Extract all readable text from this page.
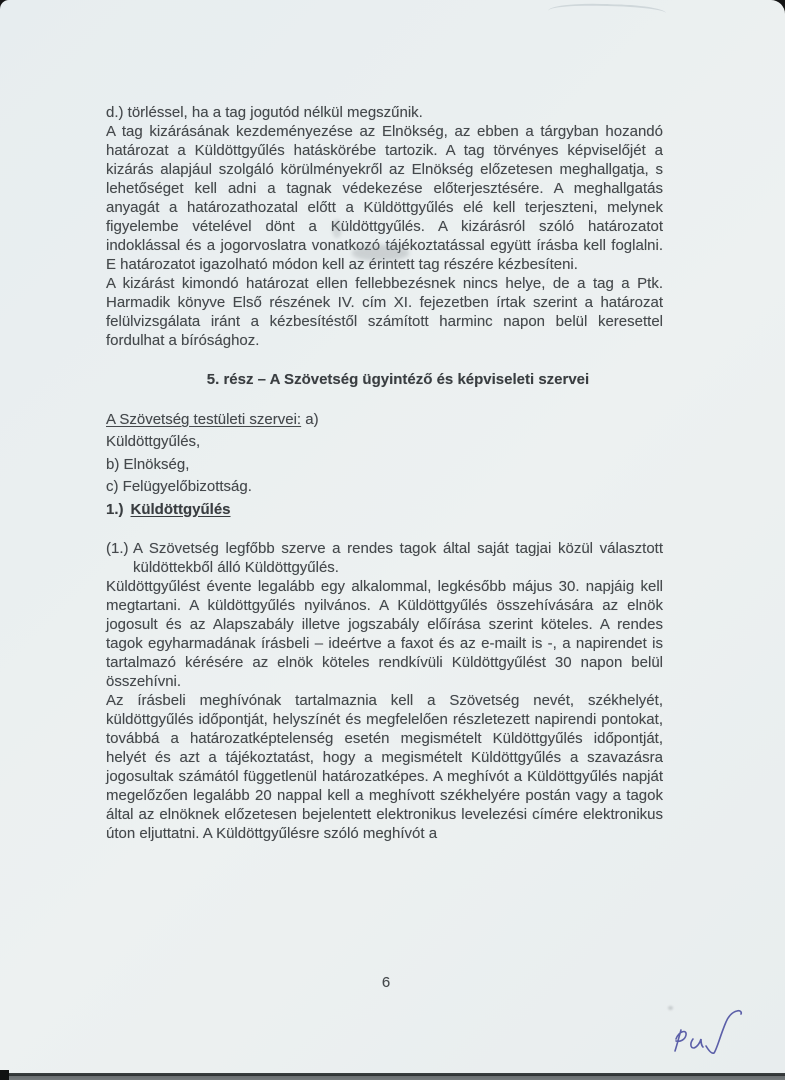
d.) törléssel, ha a tag jogutód nélkül megszűnik.

A tag kizárásának kezdeményezése az Elnökség, az ebben a tárgyban hozandó határozat a Küldöttgyűlés hatáskörébe tartozik. A tag törvényes képviselőjét a kizárás alapjául szolgáló körülményekről az Elnökség előzetesen meghallgatja, s lehetőséget kell adni a tagnak védekezése előterjesztésére. A meghallgatás anyagát a határozathozatal előtt a Küldöttgyűlés elé kell terjeszteni, melynek figyelembe vételével dönt a Küldöttgyűlés. A kizárásról szóló határozatot indoklással és a jogorvoslatra vonatkozó tájékoztatással együtt írásba kell foglalni. E határozatot igazolható módon kell az érintett tag részére kézbesíteni.

A kizárást kimondó határozat ellen fellebbezésnek nincs helye, de a tag a Ptk. Harmadik könyve Első részének IV. cím XI. fejezetben írtak szerint a határozat felülvizsgálata iránt a kézbesítéstől számított harminc napon belül keresettel fordulhat a bírósághoz.

5. rész – A Szövetség ügyintéző és képviseleti szervei

A Szövetség testületi szervei: a)

Küldöttgyűlés,

b) Elnökség,

c) Felügyelőbizottság.

1.) Küldöttgyűlés

(1.) A Szövetség legfőbb szerve a rendes tagok által saját tagjai közül választott küldöttekből álló Küldöttgyűlés.

Küldöttgyűlést évente legalább egy alkalommal, legkésőbb május 30. napjáig kell megtartani. A küldöttgyűlés nyilvános. A Küldöttgyűlés összehívására az elnök jogosult és az Alapszabály illetve jogszabály előírása szerint köteles. A rendes tagok egyharmadának írásbeli – ideértve a faxot és az e-mailt is -, a napirendet is tartalmazó kérésére az elnök köteles rendkívüli Küldöttgyűlést 30 napon belül összehívni.

Az írásbeli meghívónak tartalmaznia kell a Szövetség nevét, székhelyét, küldöttgyűlés időpontját, helyszínét és megfelelően részletezett napirendi pontokat, továbbá a határozatképtelenség esetén megismételt Küldöttgyűlés időpontját, helyét és azt a tájékoztatást, hogy a megismételt Küldöttgyűlés a szavazásra jogosultak számától függetlenül határozatképes. A meghívót a Küldöttgyűlés napját megelőzően legalább 20 nappal kell a meghívott székhelyére postán vagy a tagok által az elnöknek előzetesen bejelentett elektronikus levelezési címére elektronikus úton eljuttatni. A Küldöttgyűlésre szóló meghívót a

6
